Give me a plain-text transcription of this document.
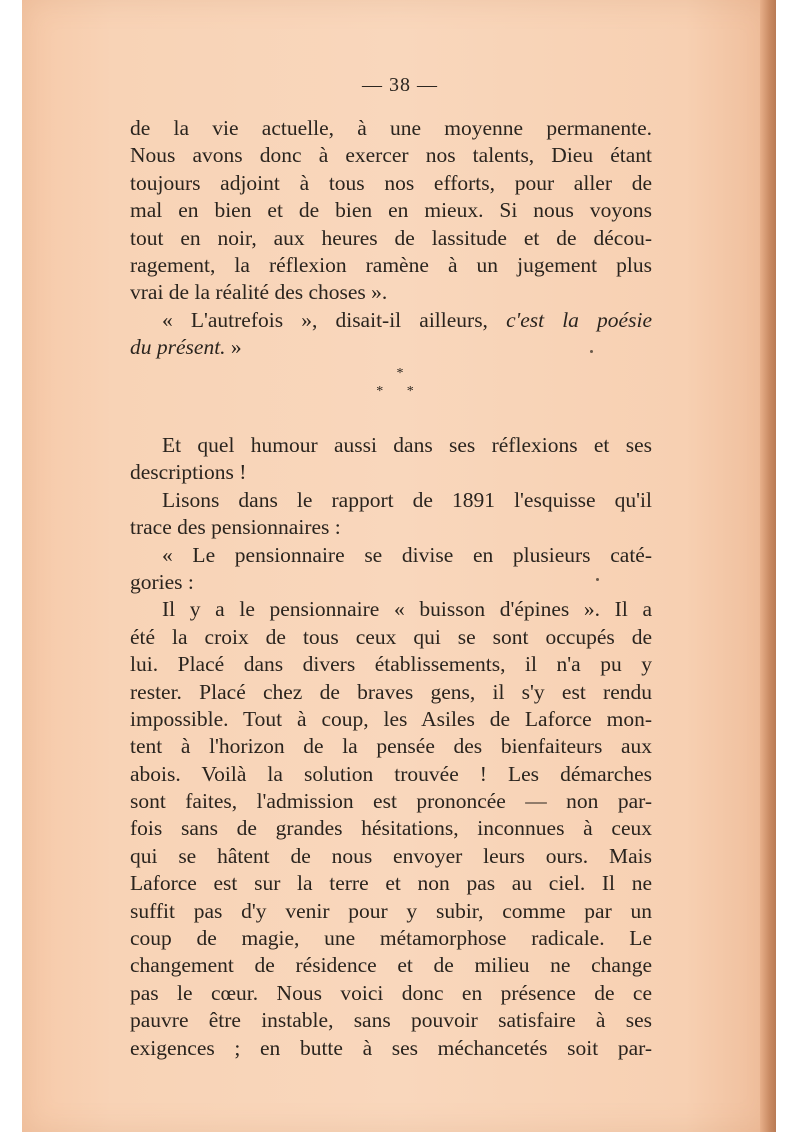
— 38 —
de la vie actuelle, à une moyenne permanente.
Nous avons donc à exercer nos talents, Dieu étant
toujours adjoint à tous nos efforts, pour aller de
mal en bien et de bien en mieux. Si nous voyons
tout en noir, aux heures de lassitude et de décou-
ragement, la réflexion ramène à un jugement plus
vrai de la réalité des choses ».
« L'autrefois », disait-il ailleurs, c'est la poésie
du présent. »
*
* *
Et quel humour aussi dans ses réflexions et ses
descriptions !
Lisons dans le rapport de 1891 l'esquisse qu'il
trace des pensionnaires :
« Le pensionnaire se divise en plusieurs caté-
gories :
Il y a le pensionnaire « buisson d'épines ». Il a
été la croix de tous ceux qui se sont occupés de
lui. Placé dans divers établissements, il n'a pu y
rester. Placé chez de braves gens, il s'y est rendu
impossible. Tout à coup, les Asiles de Laforce mon-
tent à l'horizon de la pensée des bienfaiteurs aux
abois. Voilà la solution trouvée ! Les démarches
sont faites, l'admission est prononcée — non par-
fois sans de grandes hésitations, inconnues à ceux
qui se hâtent de nous envoyer leurs ours. Mais
Laforce est sur la terre et non pas au ciel. Il ne
suffit pas d'y venir pour y subir, comme par un
coup de magie, une métamorphose radicale. Le
changement de résidence et de milieu ne change
pas le cœur. Nous voici donc en présence de ce
pauvre être instable, sans pouvoir satisfaire à ses
exigences ; en butte à ses méchancetés soit par-
